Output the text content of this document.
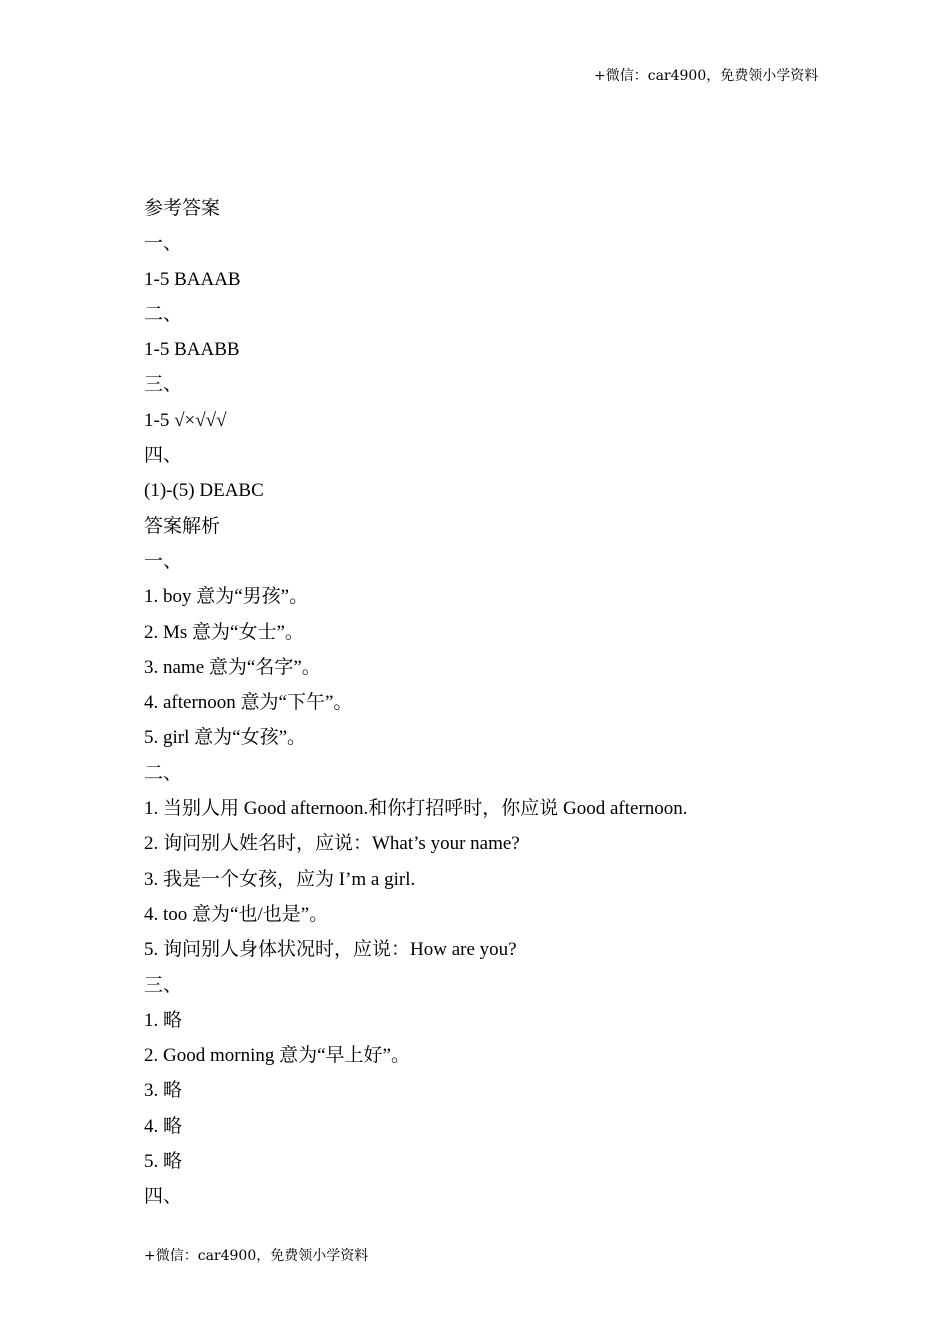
+微信：car4900，免费领小学资料
参考答案
一、
1-5 BAAAB
二、
1-5 BAABB
三、
1-5 √×√√√
四、
(1)-(5) DEABC
答案解析
一、
1. boy 意为“男孩”。
2. Ms 意为“女士”。
3. name 意为“名字”。
4. afternoon 意为“下午”。
5. girl 意为“女孩”。
二、
1. 当别人用 Good afternoon.和你打招呼时，你应说 Good afternoon.
2. 询问别人姓名时，应说：What’s your name?
3. 我是一个女孩，应为 I’m a girl.
4. too 意为“也/也是”。
5. 询问别人身体状况时，应说：How are you?
三、
1. 略
2. Good morning 意为“早上好”。
3. 略
4. 略
5. 略
四、
+微信：car4900，免费领小学资料
